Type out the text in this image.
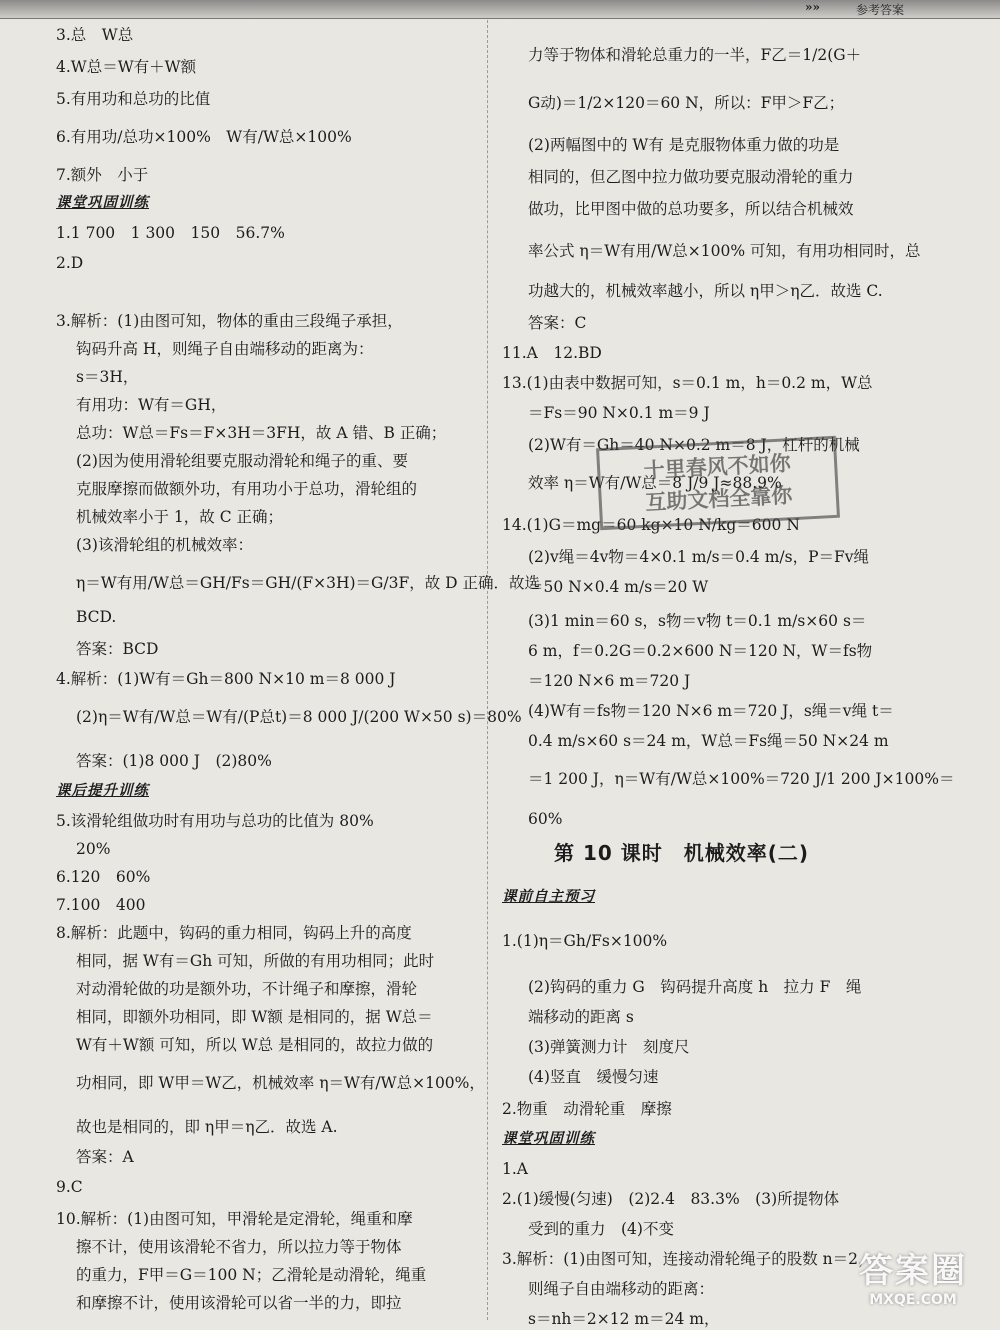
»»	参考答案
3.总　W总
4.W总＝W有＋W额
5.有用功和总功的比值
6.有用功/总功×100%　W有/W总×100%
7.额外　小于
课堂巩固训练
1.1 700　1 300　150　56.7%
2.D
3.解析：(1)由图可知，物体的重由三段绳子承担，
钩码升高 H，则绳子自由端移动的距离为：
s＝3H，
有用功：W有＝GH，
总功：W总＝Fs＝F×3H＝3FH，故 A 错、B 正确；
(2)因为使用滑轮组要克服动滑轮和绳子的重、要
克服摩擦而做额外功，有用功小于总功，滑轮组的
机械效率小于 1，故 C 正确；
(3)该滑轮组的机械效率：
η＝W有用/W总＝GH/Fs＝GH/(F×3H)＝G/3F，故 D 正确．故选
BCD.
答案：BCD
4.解析：(1)W有＝Gh＝800 N×10 m＝8 000 J
(2)η＝W有/W总＝W有/(P总t)＝8 000 J/(200 W×50 s)＝80%
答案：(1)8 000 J　(2)80%
课后提升训练
5.该滑轮组做功时有用功与总功的比值为 80%
20%
6.120　60%
7.100　400
8.解析：此题中，钩码的重力相同，钩码上升的高度
相同，据 W有＝Gh 可知，所做的有用功相同；此时
对动滑轮做的功是额外功，不计绳子和摩擦，滑轮
相同，即额外功相同，即 W额 是相同的，据 W总＝
W有＋W额 可知，所以 W总 是相同的，故拉力做的
功相同，即 W甲＝W乙，机械效率 η＝W有/W总×100%，
故也是相同的，即 η甲＝η乙．故选 A.
答案：A
9.C
10.解析：(1)由图可知，甲滑轮是定滑轮，绳重和摩
擦不计，使用该滑轮不省力，所以拉力等于物体
的重力，F甲＝G＝100 N；乙滑轮是动滑轮，绳重
和摩擦不计，使用该滑轮可以省一半的力，即拉
力等于物体和滑轮总重力的一半，F乙＝1/2(G＋
G动)＝1/2×120＝60 N，所以：F甲＞F乙；
(2)两幅图中的 W有 是克服物体重力做的功是
相同的，但乙图中拉力做功要克服动滑轮的重力
做功，比甲图中做的总功要多，所以结合机械效
率公式 η＝W有用/W总×100% 可知，有用功相同时，总
功越大的，机械效率越小，所以 η甲＞η乙．故选 C.
答案：C
11.A　12.BD
13.(1)由表中数据可知，s＝0.1 m，h＝0.2 m，W总
＝Fs＝90 N×0.1 m＝9 J
(2)W有＝Gh＝40 N×0.2 m＝8 J，杠杆的机械
效率 η＝W有/W总＝8 J/9 J≈88.9%
14.(1)G＝mg＝60 kg×10 N/kg＝600 N
(2)v绳＝4v物＝4×0.1 m/s＝0.4 m/s，P＝Fv绳
＝50 N×0.4 m/s＝20 W
(3)1 min＝60 s，s物＝v物 t＝0.1 m/s×60 s＝
6 m，f＝0.2G＝0.2×600 N＝120 N，W＝fs物
＝120 N×6 m＝720 J
(4)W有＝fs物＝120 N×6 m＝720 J，s绳＝v绳 t＝
0.4 m/s×60 s＝24 m，W总＝Fs绳＝50 N×24 m
＝1 200 J，η＝W有/W总×100%＝720 J/1 200 J×100%＝
60%
第 10 课时　机械效率(二)
课前自主预习
1.(1)η＝Gh/Fs×100%
(2)钩码的重力 G　钩码提升高度 h　拉力 F　绳
端移动的距离 s
(3)弹簧测力计　刻度尺
(4)竖直　缓慢匀速
2.物重　动滑轮重　摩擦
课堂巩固训练
1.A
2.(1)缓慢(匀速)　(2)2.4　83.3%　(3)所提物体
受到的重力　(4)不变
3.解析：(1)由图可知，连接动滑轮绳子的股数 n＝2，
则绳子自由端移动的距离：
s＝nh＝2×12 m＝24 m，
十里春风不如你
互助文档全靠你
答案圈
MXQE.COM
